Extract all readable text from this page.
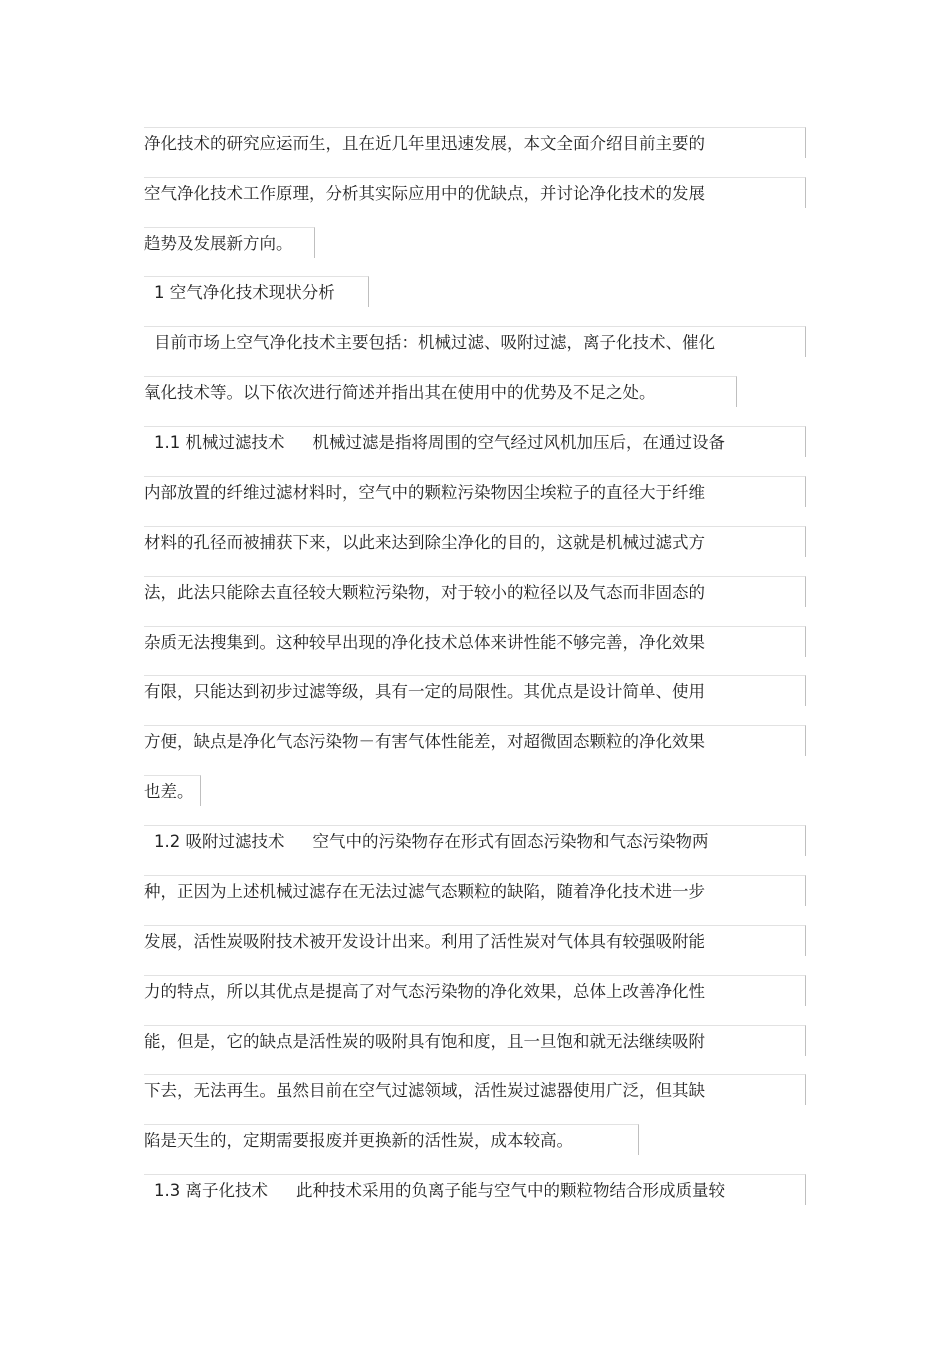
净化技术的研究应运而生，且在近几年里迅速发展，本文全面介绍目前主要的
空气净化技术工作原理，分析其实际应用中的优缺点，并讨论净化技术的发展
趋势及发展新方向。
1 空气净化技术现状分析
目前市场上空气净化技术主要包括：机械过滤、吸附过滤，离子化技术、催化
氧化技术等。以下依次进行简述并指出其在使用中的优势及不足之处。
1.1 机械过滤技术 机械过滤是指将周围的空气经过风机加压后，在通过设备
内部放置的纤维过滤材料时，空气中的颗粒污染物因尘埃粒子的直径大于纤维
材料的孔径而被捕获下来，以此来达到除尘净化的目的，这就是机械过滤式方
法，此法只能除去直径较大颗粒污染物，对于较小的粒径以及气态而非固态的
杂质无法搜集到。这种较早出现的净化技术总体来讲性能不够完善，净化效果
有限，只能达到初步过滤等级，具有一定的局限性。其优点是设计简单、使用
方便，缺点是净化气态污染物－有害气体性能差，对超微固态颗粒的净化效果
也差。
1.2 吸附过滤技术 空气中的污染物存在形式有固态污染物和气态污染物两
种，正因为上述机械过滤存在无法过滤气态颗粒的缺陷，随着净化技术进一步
发展，活性炭吸附技术被开发设计出来。利用了活性炭对气体具有较强吸附能
力的特点，所以其优点是提高了对气态污染物的净化效果，总体上改善净化性
能，但是，它的缺点是活性炭的吸附具有饱和度，且一旦饱和就无法继续吸附
下去，无法再生。虽然目前在空气过滤领域，活性炭过滤器使用广泛，但其缺
陷是天生的，定期需要报废并更换新的活性炭，成本较高。
1.3 离子化技术 此种技术采用的负离子能与空气中的颗粒物结合形成质量较
